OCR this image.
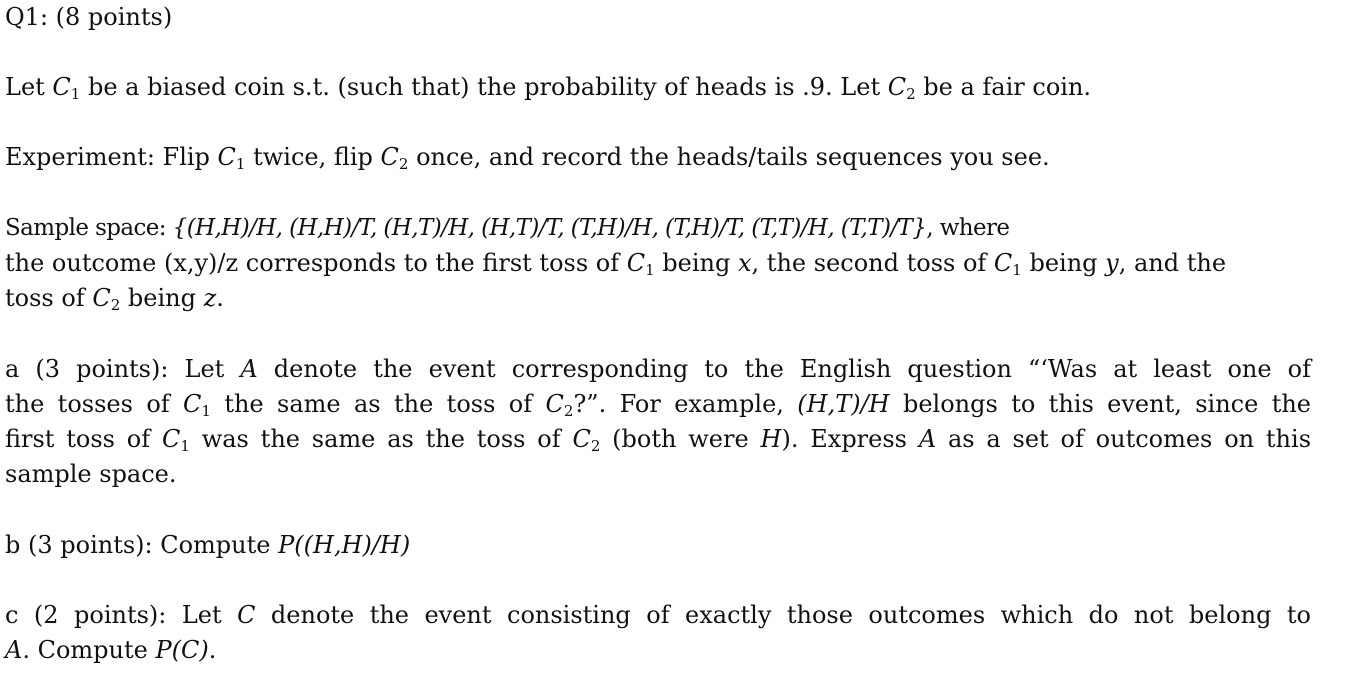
Q1: (8 points)
Let $C_1$ be a biased coin s.t. (such that) the probability of heads is .9. Let $C_2$ be a fair coin.
Experiment: Flip $C_1$ twice, flip $C_2$ once, and record the heads/tails sequences you see.
Sample space: {(H,H)/H, (H,H)/T, (H,T)/H, (H,T)/T, (T,H)/H, (T,H)/T, (T,T)/H, (T,T)/T}, where
the outcome (x,y)/z corresponds to the first toss of $C_1$ being x, the second toss of $C_1$ being y, and the
toss of $C_2$ being z.
a (3 points): Let A denote the event corresponding to the English question “‘Was at least one of
the tosses of $C_1$ the same as the toss of $C_2$?”. For example, (H,T)/H belongs to this event, since the
first toss of $C_1$ was the same as the toss of $C_2$ (both were H). Express A as a set of outcomes on this
sample space.
b (3 points): Compute P((H,H)/H)
c (2 points): Let C denote the event consisting of exactly those outcomes which do not belong to
A. Compute P(C).
